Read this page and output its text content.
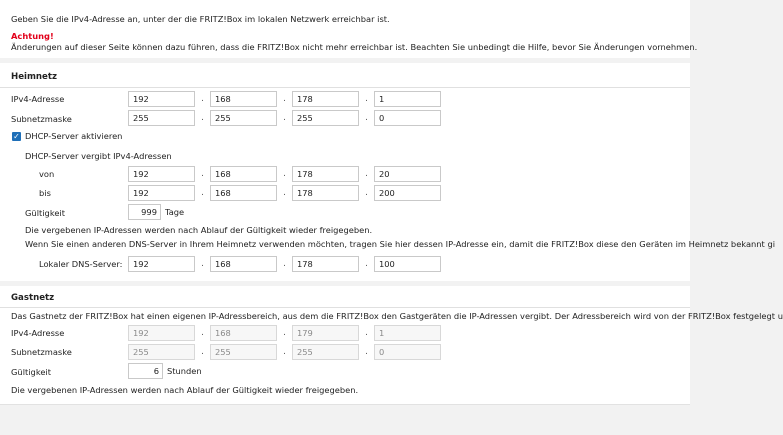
Geben Sie die IPv4-Adresse an, unter der die FRITZ!Box im lokalen Netzwerk erreichbar ist.
Achtung!
Änderungen auf dieser Seite können dazu führen, dass die FRITZ!Box nicht mehr erreichbar ist. Beachten Sie unbedingt die Hilfe, bevor Sie Änderungen vornehmen.
Heimnetz
IPv4-Adresse	192	.	168	.	178	.	1
Subnetzmaske	255	.	255	.	255	.	0
✓ DHCP-Server aktivieren
DHCP-Server vergibt IPv4-Adressen
von	192	.	168	.	178	.	20
bis	192	.	168	.	178	.	200
Gültigkeit	999 Tage
Die vergebenen IP-Adressen werden nach Ablauf der Gültigkeit wieder freigegeben.
Wenn Sie einen anderen DNS-Server in Ihrem Heimnetz verwenden möchten, tragen Sie hier dessen IP-Adresse ein, damit die FRITZ!Box diese den Geräten im Heimnetz bekannt gi
Lokaler DNS-Server:	192	.	168	.	178	.	100
Gastnetz
Das Gastnetz der FRITZ!Box hat einen eigenen IP-Adressbereich, aus dem die FRITZ!Box den Gastgeräten die IP-Adressen vergibt. Der Adressbereich wird von der FRITZ!Box festgelegt u
IPv4-Adresse	192	.	168	.	179	.	1
Subnetzmaske	255	.	255	.	255	.	0
Gültigkeit	6 Stunden
Die vergebenen IP-Adressen werden nach Ablauf der Gültigkeit wieder freigegeben.
